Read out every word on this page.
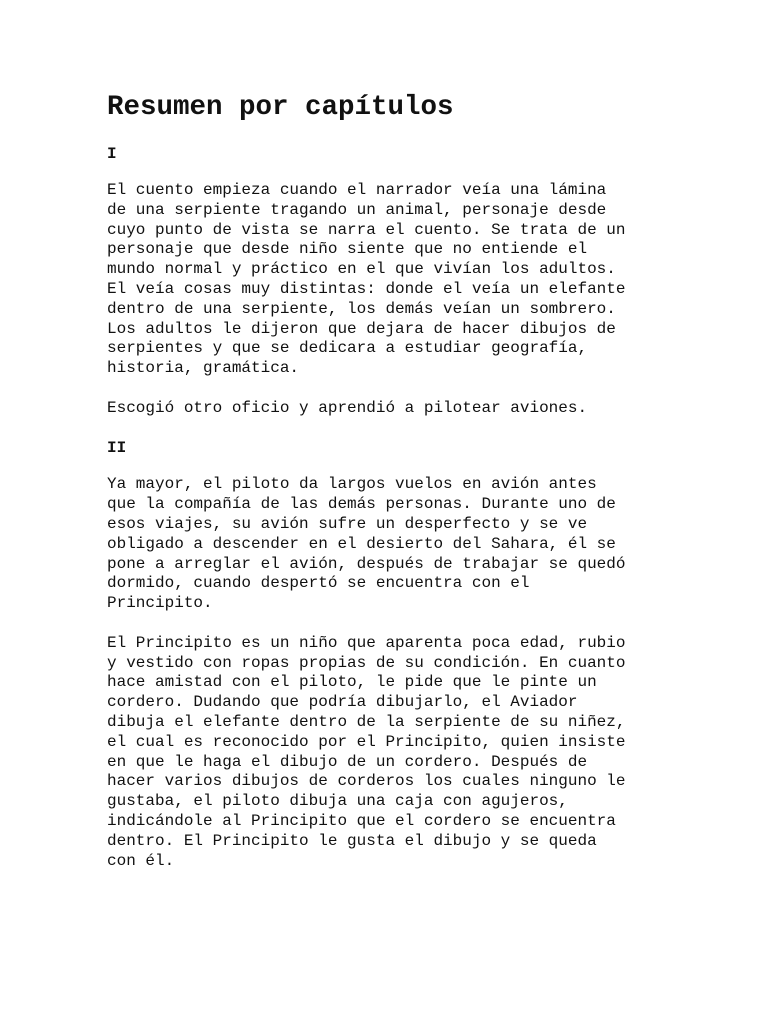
Resumen por capítulos
I

El cuento empieza cuando el narrador veía una lámina
de una serpiente tragando un animal, personaje desde
cuyo punto de vista se narra el cuento. Se trata de un
personaje que desde niño siente que no entiende el
mundo normal y práctico en el que vivían los adultos.
El veía cosas muy distintas: donde el veía un elefante
dentro de una serpiente, los demás veían un sombrero.
Los adultos le dijeron que dejara de hacer dibujos de
serpientes y que se dedicara a estudiar geografía,
historia, gramática.

Escogió otro oficio y aprendió a pilotear aviones.

II

Ya mayor, el piloto da largos vuelos en avión antes
que la compañía de las demás personas. Durante uno de
esos viajes, su avión sufre un desperfecto y se ve
obligado a descender en el desierto del Sahara, él se
pone a arreglar el avión, después de trabajar se quedó
dormido, cuando despertó se encuentra con el
Principito.

El Principito es un niño que aparenta poca edad, rubio
y vestido con ropas propias de su condición. En cuanto
hace amistad con el piloto, le pide que le pinte un
cordero. Dudando que podría dibujarlo, el Aviador
dibuja el elefante dentro de la serpiente de su niñez,
el cual es reconocido por el Principito, quien insiste
en que le haga el dibujo de un cordero. Después de
hacer varios dibujos de corderos los cuales ninguno le
gustaba, el piloto dibuja una caja con agujeros,
indicándole al Principito que el cordero se encuentra
dentro. El Principito le gusta el dibujo y se queda
con él.
